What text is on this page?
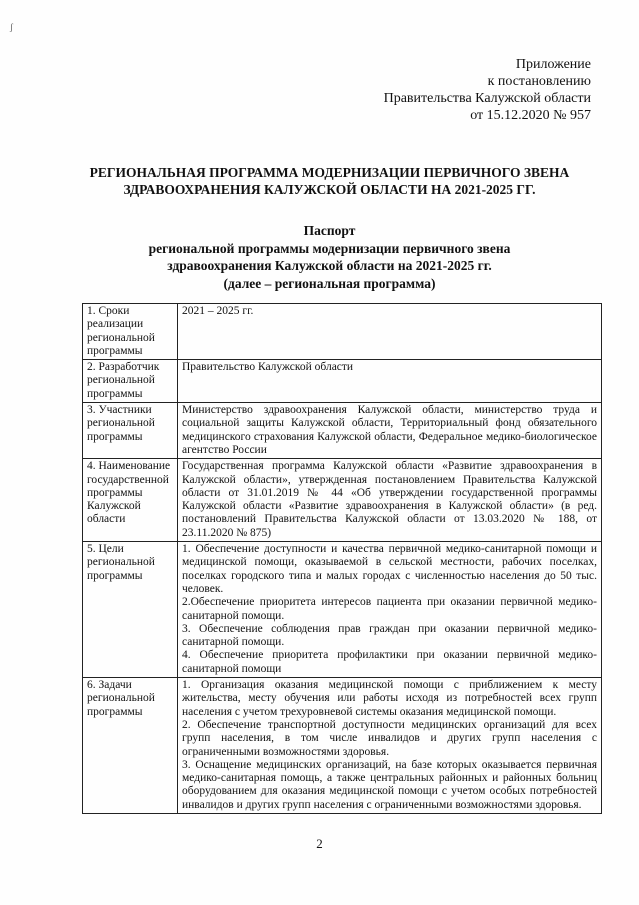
ʃ
Приложение
к постановлению
Правительства Калужской области
от 15.12.2020 № 957
РЕГИОНАЛЬНАЯ ПРОГРАММА МОДЕРНИЗАЦИИ ПЕРВИЧНОГО ЗВЕНА
ЗДРАВООХРАНЕНИЯ КАЛУЖСКОЙ ОБЛАСТИ НА 2021-2025 ГГ.
Паспорт
региональной программы модернизации первичного звена
здравоохранения Калужской области на 2021-2025 гг.
(далее – региональная программа)
1. Сроки реализации региональной программы	2021 – 2025 гг.

2. Разработчик региональной программы	Правительство Калужской области

3. Участники региональной программы	Министерство здравоохранения Калужской области, министерство труда и социальной защиты Калужской области, Территориальный фонд обязательного медицинского страхования Калужской области, Федеральное медико-биологическое агентство России

4. Наименование государственной программы Калужской области	Государственная программа Калужской области «Развитие здравоохранения в Калужской области», утвержденная постановлением Правительства Калужской области от 31.01.2019 № 44 «Об утверждении государственной программы Калужской области «Развитие здравоохранения в Калужской области» (в ред. постановлений Правительства Калужской области от 13.03.2020 № 188, от 23.11.2020 № 875)

5. Цели региональной программы	1. Обеспечение доступности и качества первичной медико-санитарной помощи и медицинской помощи, оказываемой в сельской местности, рабочих поселках, поселках городского типа и малых городах с численностью населения до 50 тыс. человек.
2.Обеспечение приоритета интересов пациента при оказании первичной медико-санитарной помощи.
3. Обеспечение соблюдения прав граждан при оказании первичной медико-санитарной помощи.
4. Обеспечение приоритета профилактики при оказании первичной медико-санитарной помощи

6. Задачи региональной программы	1. Организация оказания медицинской помощи с приближением к месту жительства, месту обучения или работы исходя из потребностей всех групп населения с учетом трехуровневой системы оказания медицинской помощи.
2. Обеспечение транспортной доступности медицинских организаций для всех групп населения, в том числе инвалидов и других групп населения с ограниченными возможностями здоровья.
3. Оснащение медицинских организаций, на базе которых оказывается первичная медико-санитарная помощь, а также центральных районных и районных больниц оборудованием для оказания медицинской помощи с учетом особых потребностей инвалидов и других групп населения с ограниченными возможностями здоровья.
2
